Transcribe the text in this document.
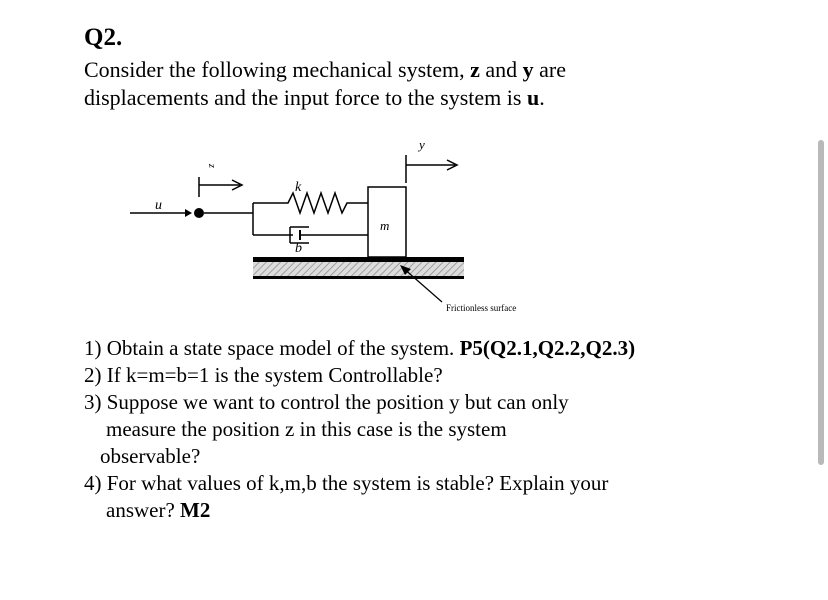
Q2.
Consider the following mechanical system, z and y are
displacements and the input force to the system is u.
u
z
k
b
m
y
Frictionless surface
1) Obtain a state space model of the system. P5(Q2.1,Q2.2,Q2.3)
2) If k=m=b=1 is the system Controllable?
3) Suppose we want to control the position y but can only
measure the position z in this case is the system
observable?
4) For what values of k,m,b the system is stable? Explain your
answer? M2
